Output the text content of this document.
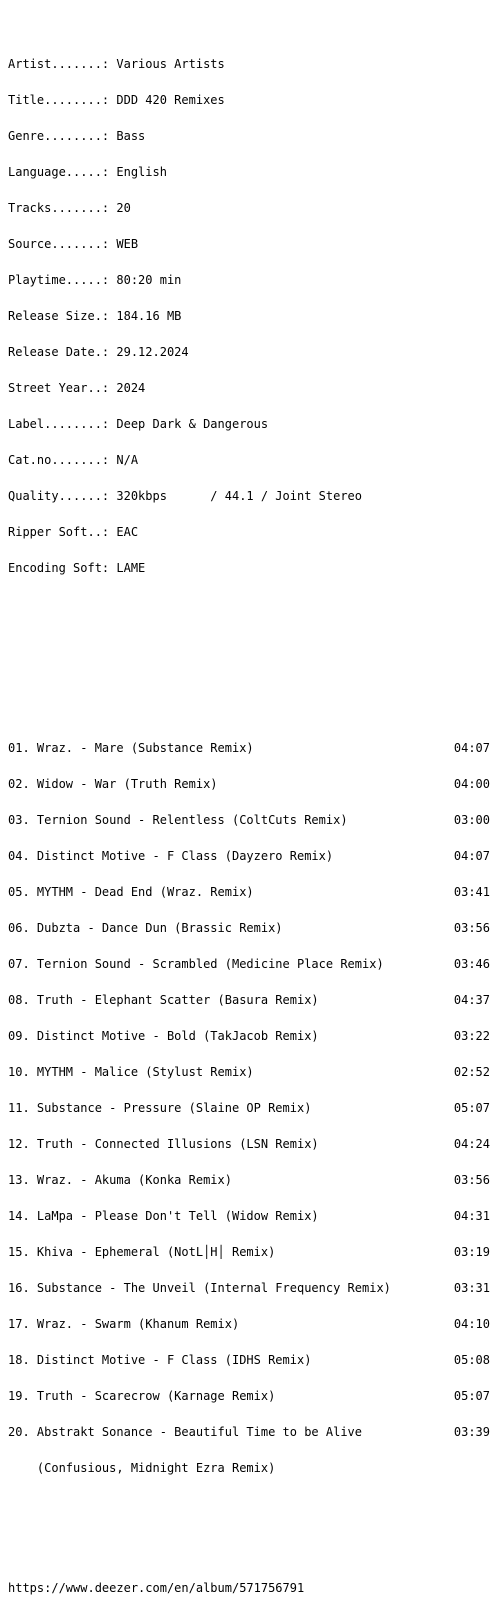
Artist.......: Various Artists

Title........: DDD 420 Remixes

Genre........: Bass

Language.....: English

Tracks.......: 20

Source.......: WEB

Playtime.....: 80:20 min

Release Size.: 184.16 MB

Release Date.: 29.12.2024

Street Year..: 2024

Label........: Deep Dark & Dangerous

Cat.no.......: N/A

Quality......: 320kbps      / 44.1 / Joint Stereo

Ripper Soft..: EAC

Encoding Soft: LAME

01. Wraz. - Mare (Substance Remix)	04:07

02. Widow - War (Truth Remix)	04:00

03. Ternion Sound - Relentless (ColtCuts Remix)	03:00

04. Distinct Motive - F Class (Dayzero Remix)	04:07

05. MYTHM - Dead End (Wraz. Remix)	03:41

06. Dubzta - Dance Dun (Brassic Remix)	03:56

07. Ternion Sound - Scrambled (Medicine Place Remix)	03:46

08. Truth - Elephant Scatter (Basura Remix)	04:37

09. Distinct Motive - Bold (TakJacob Remix)	03:22

10. MYTHM - Malice (Stylust Remix)	02:52

11. Substance - Pressure (Slaine OP Remix)	05:07

12. Truth - Connected Illusions (LSN Remix)	04:24

13. Wraz. - Akuma (Konka Remix)	03:56

14. LaMpa - Please Don't Tell (Widow Remix)	04:31

15. Khiva - Ephemeral (NotL│H│ Remix)	03:19

16. Substance - The Unveil (Internal Frequency Remix)	03:31

17. Wraz. - Swarm (Khanum Remix)	04:10

18. Distinct Motive - F Class (IDHS Remix)	05:08

19. Truth - Scarecrow (Karnage Remix)	05:07

20. Abstrakt Sonance - Beautiful Time to be Alive	03:39

(Confusious, Midnight Ezra Remix)

https://www.deezer.com/en/album/571756791
